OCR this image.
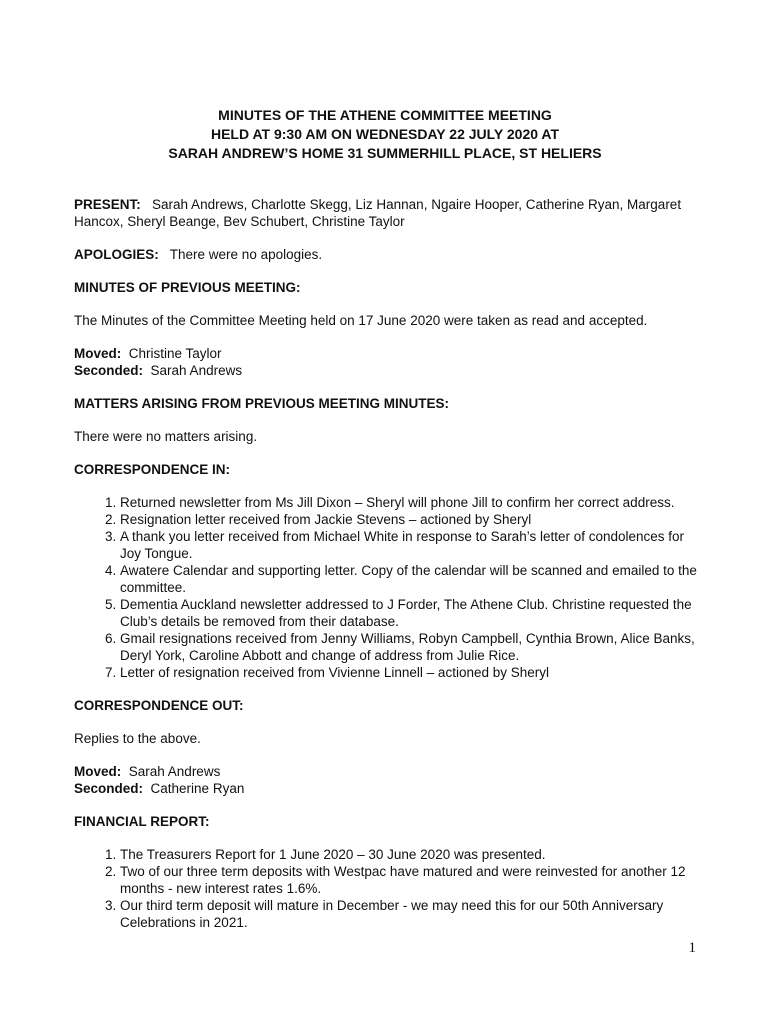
MINUTES OF THE ATHENE COMMITTEE MEETING
HELD AT 9:30 AM ON WEDNESDAY 22 JULY 2020 AT
SARAH ANDREW’S HOME 31 SUMMERHILL PLACE, ST HELIERS

PRESENT: Sarah Andrews, Charlotte Skegg, Liz Hannan, Ngaire Hooper, Catherine Ryan, Margaret Hancox, Sheryl Beange, Bev Schubert, Christine Taylor

APOLOGIES: There were no apologies.

MINUTES OF PREVIOUS MEETING:

The Minutes of the Committee Meeting held on 17 June 2020 were taken as read and accepted.

Moved: Christine Taylor
Seconded: Sarah Andrews

MATTERS ARISING FROM PREVIOUS MEETING MINUTES:

There were no matters arising.

CORRESPONDENCE IN:
1. Returned newsletter from Ms Jill Dixon – Sheryl will phone Jill to confirm her correct address.
2. Resignation letter received from Jackie Stevens – actioned by Sheryl
3. A thank you letter received from Michael White in response to Sarah’s letter of condolences for Joy Tongue.
4. Awatere Calendar and supporting letter. Copy of the calendar will be scanned and emailed to the committee.
5. Dementia Auckland newsletter addressed to J Forder, The Athene Club. Christine requested the Club’s details be removed from their database.
6. Gmail resignations received from Jenny Williams, Robyn Campbell, Cynthia Brown, Alice Banks, Deryl York, Caroline Abbott and change of address from Julie Rice.
7. Letter of resignation received from Vivienne Linnell – actioned by Sheryl
CORRESPONDENCE OUT:

Replies to the above.

Moved: Sarah Andrews
Seconded: Catherine Ryan

FINANCIAL REPORT:
1. The Treasurers Report for 1 June 2020 – 30 June 2020 was presented.
2. Two of our three term deposits with Westpac have matured and were reinvested for another 12 months - new interest rates 1.6%.
3. Our third term deposit will mature in December - we may need this for our 50th Anniversary Celebrations in 2021.
1
